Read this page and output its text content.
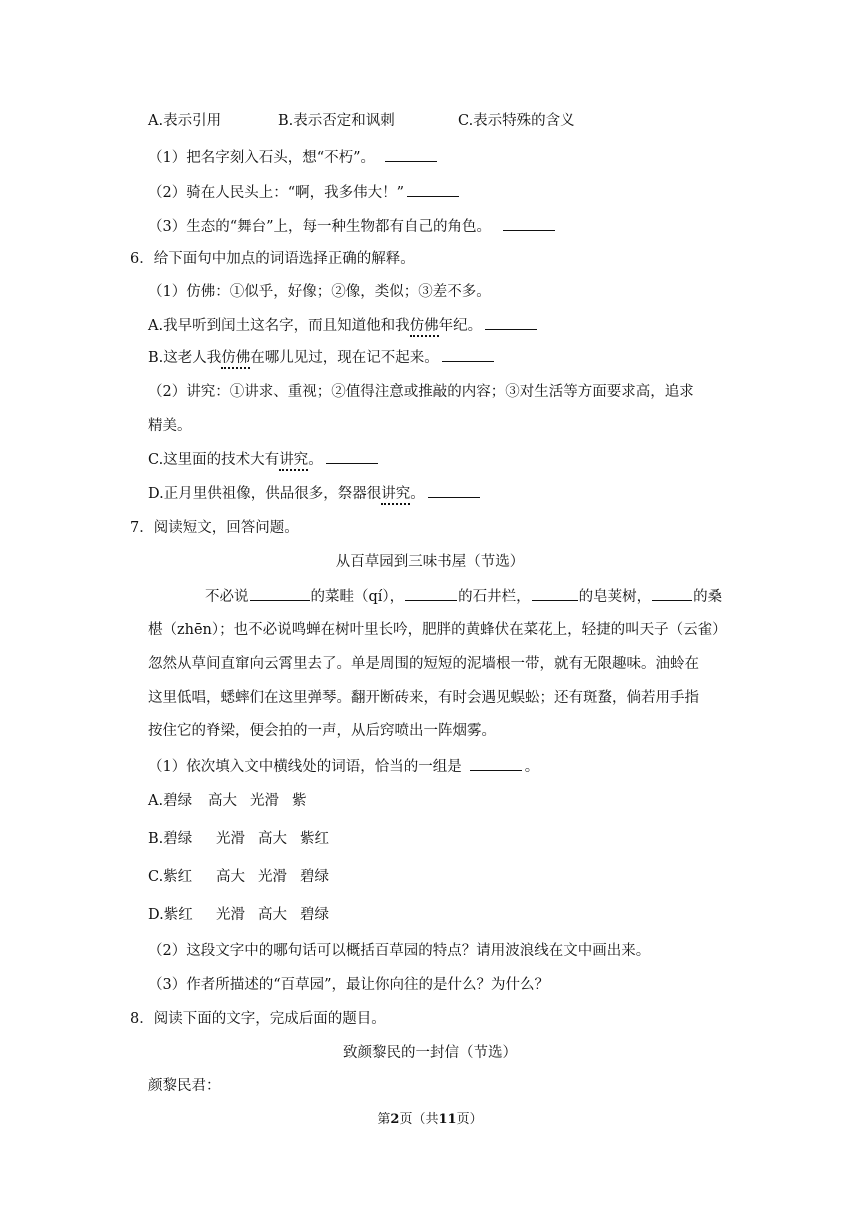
A.表示引用	B.表示否定和讽刺	C.表示特殊的含义
（1）把名字刻入石头，想“不朽”。
（2）骑在人民头上：“啊，我多伟大！”
（3）生态的“舞台”上，每一种生物都有自己的角色。
6．给下面句中加点的词语选择正确的解释。
（1）仿佛：①似乎，好像；②像，类似；③差不多。
A.我早听到闰土这名字，而且知道他和我仿佛年纪。
B.这老人我仿佛在哪儿见过，现在记不起来。
（2）讲究：①讲求、重视；②值得注意或推敲的内容；③对生活等方面要求高，追求
精美。
C.这里面的技术大有讲究。
D.正月里供祖像，供品很多，祭器很讲究。
7．阅读短文，回答问题。
从百草园到三味书屋（节选）
不必说	的菜畦（qí），	的石井栏，	的皂荚树，	的桑
椹（zhēn）；也不必说鸣蝉在树叶里长吟，肥胖的黄蜂伏在菜花上，轻捷的叫天子（云雀）
忽然从草间直窜向云霄里去了。单是周围的短短的泥墙根一带，就有无限趣味。油蛉在
这里低唱，蟋蟀们在这里弹琴。翻开断砖来，有时会遇见蜈蚣；还有斑蝥，倘若用手指
按住它的脊梁，便会拍的一声，从后窍喷出一阵烟雾。
（1）依次填入文中横线处的词语，恰当的一组是	。
A.碧绿 高大 光滑 紫
B.碧绿 光滑 高大 紫红
C.紫红 高大 光滑 碧绿
D.紫红 光滑 高大 碧绿
（2）这段文字中的哪句话可以概括百草园的特点？请用波浪线在文中画出来。
（3）作者所描述的“百草园”，最让你向往的是什么？为什么？
8．阅读下面的文字，完成后面的题目。
致颜黎民的一封信（节选）
颜黎民君：
第2页（共11页）
